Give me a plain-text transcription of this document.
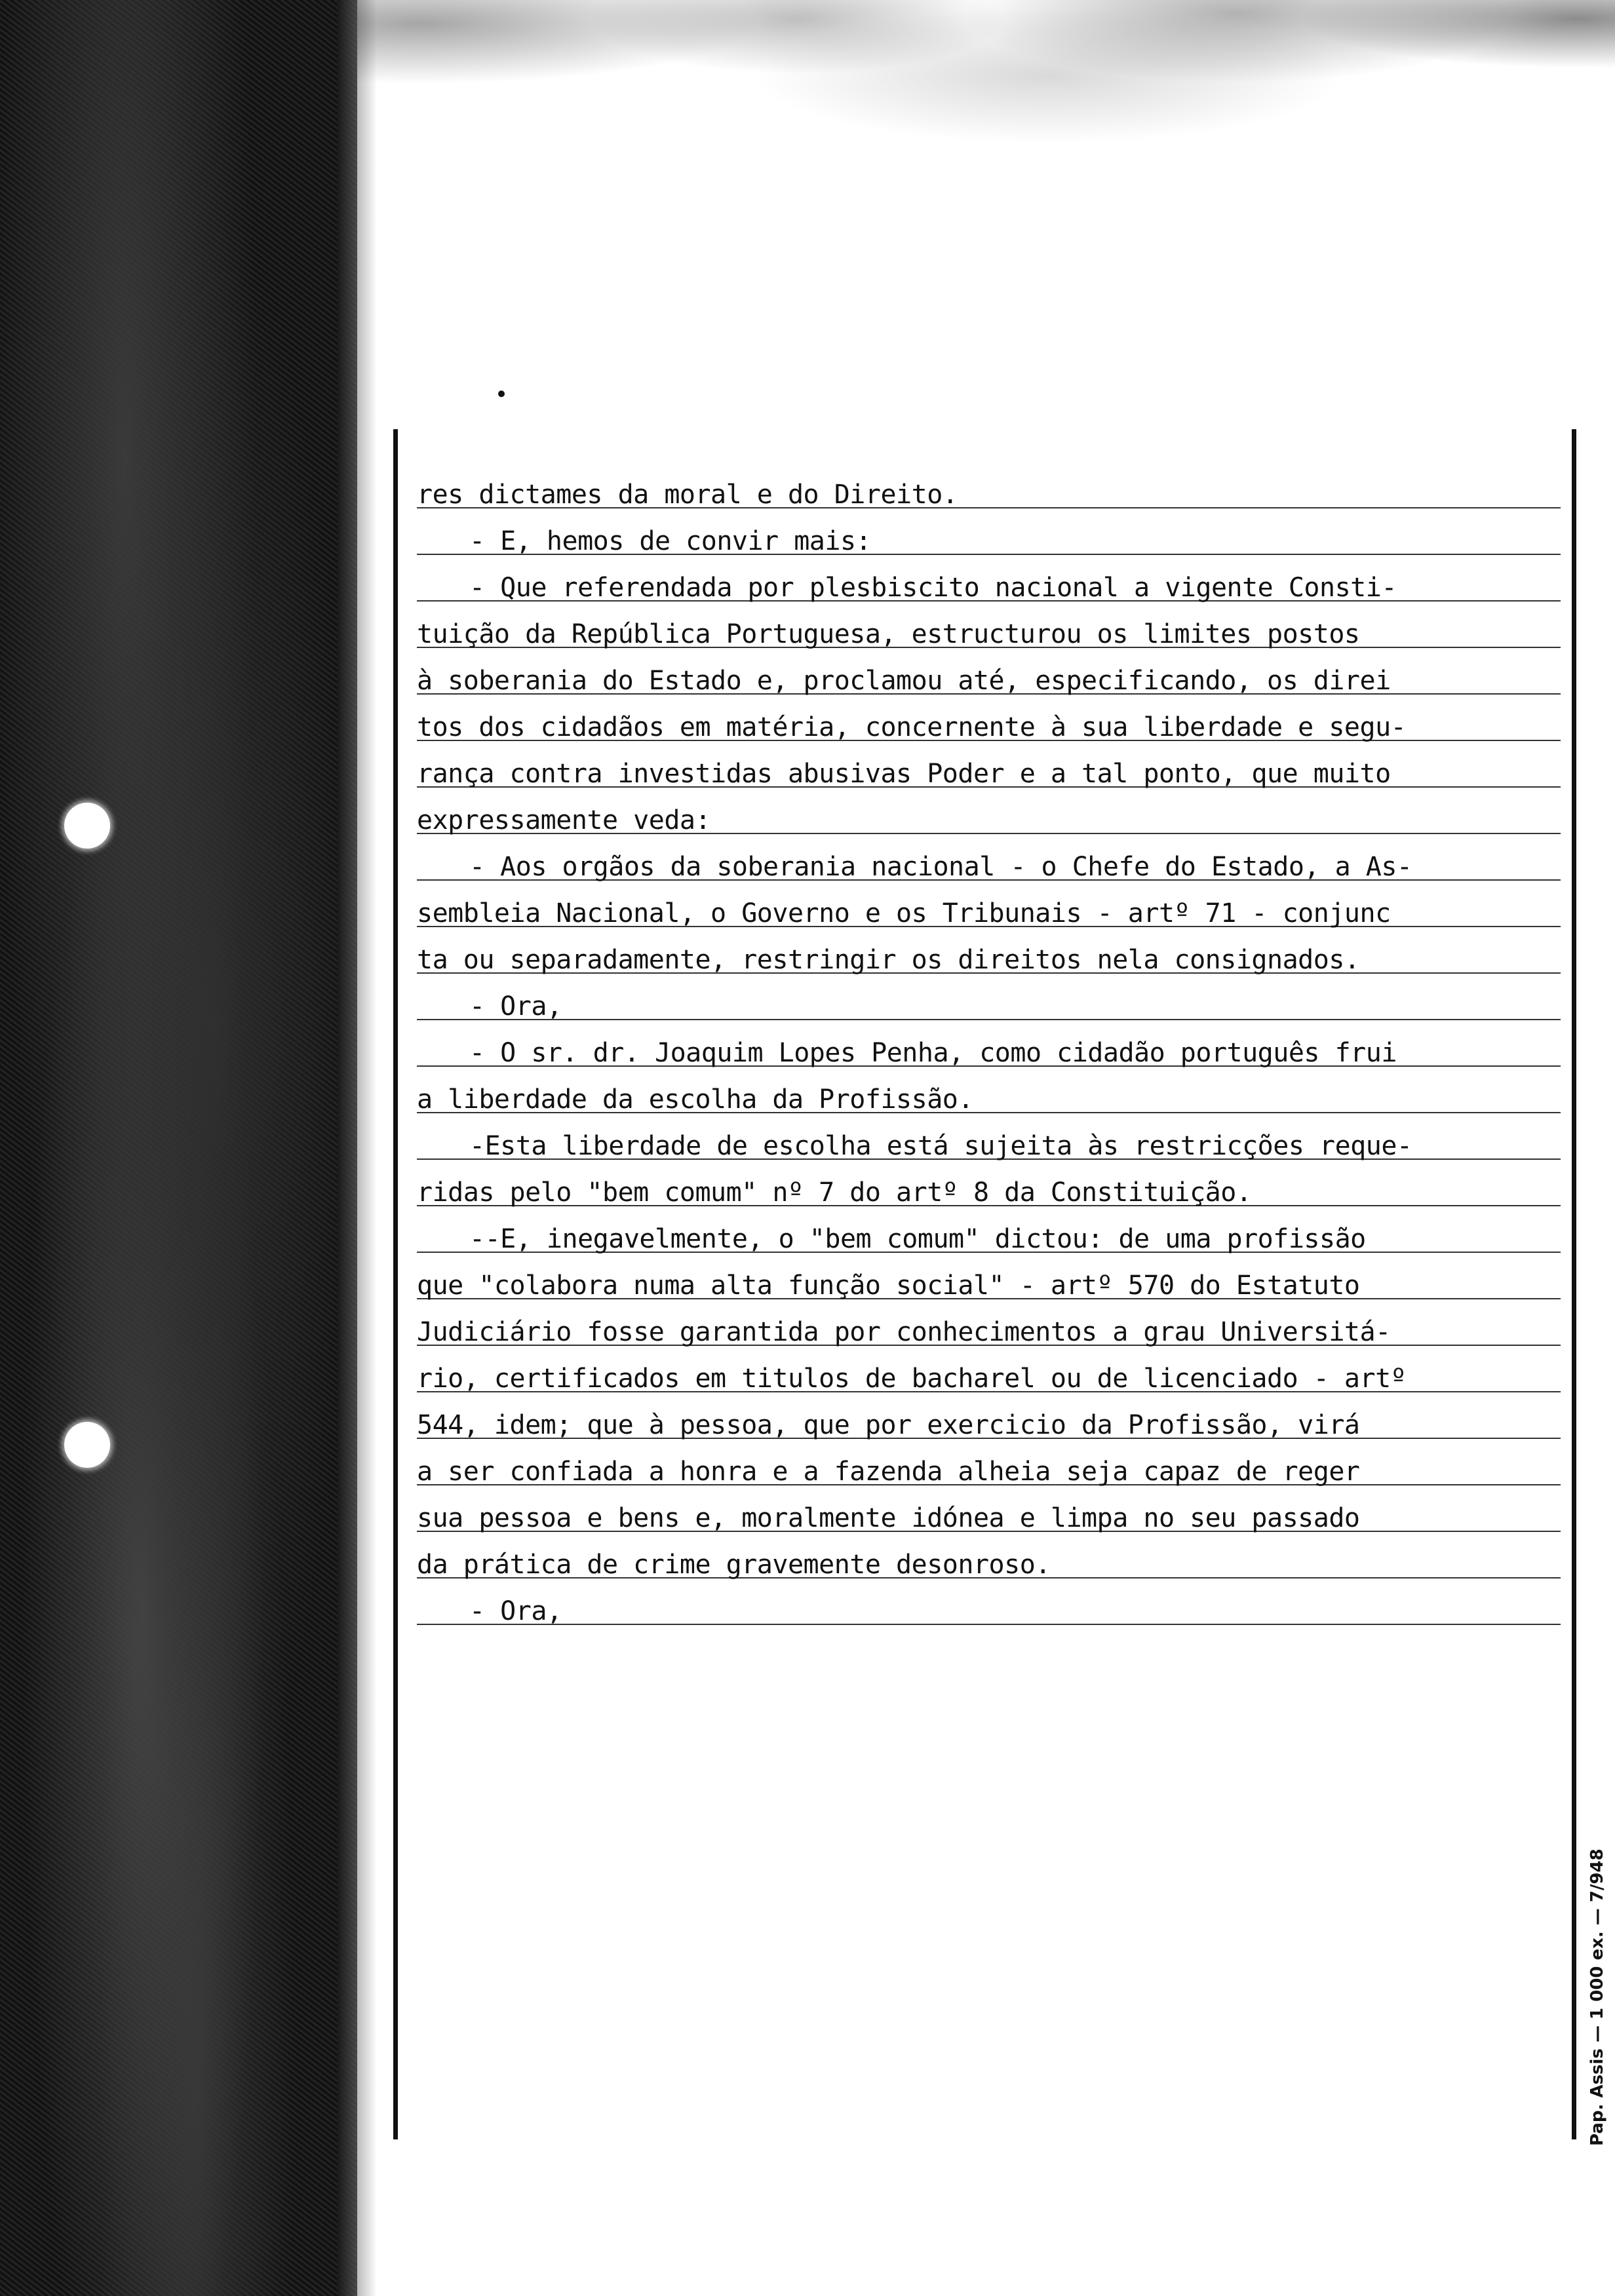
res dictames da moral e do Direito.
- E, hemos de convir mais:
- Que referendada por plesbiscito nacional a vigente Consti-
tuição da República Portuguesa, estructurou os limites postos
à soberania do Estado e, proclamou até, especificando, os direi
tos dos cidadãos em matéria, concernente à sua liberdade e segu-
rança contra investidas abusivas Poder e a tal ponto, que muito
expressamente veda:
- Aos orgãos da soberania nacional - o Chefe do Estado, a As-
sembleia Nacional, o Governo e os Tribunais - artº 71 - conjunc
ta ou separadamente, restringir os direitos nela consignados.
- Ora,
- O sr. dr. Joaquim Lopes Penha, como cidadão português frui
a liberdade da escolha da Profissão.
-Esta liberdade de escolha está sujeita às restricções reque-
ridas pelo "bem comum" nº 7 do artº 8 da Constituição.
--E, inegavelmente, o "bem comum" dictou: de uma profissão
que "colabora numa alta função social" - artº 570 do Estatuto
Judiciário fosse garantida por conhecimentos a grau Universitá-
rio, certificados em titulos de bacharel ou de licenciado - artº
544, idem; que à pessoa, que por exercicio da Profissão, virá
a ser confiada a honra e a fazenda alheia seja capaz de reger
sua pessoa e bens e, moralmente idónea e limpa no seu passado
da prática de crime gravemente desonroso.
- Ora,
Pap. Assis — 1 000 ex. — 7/948
